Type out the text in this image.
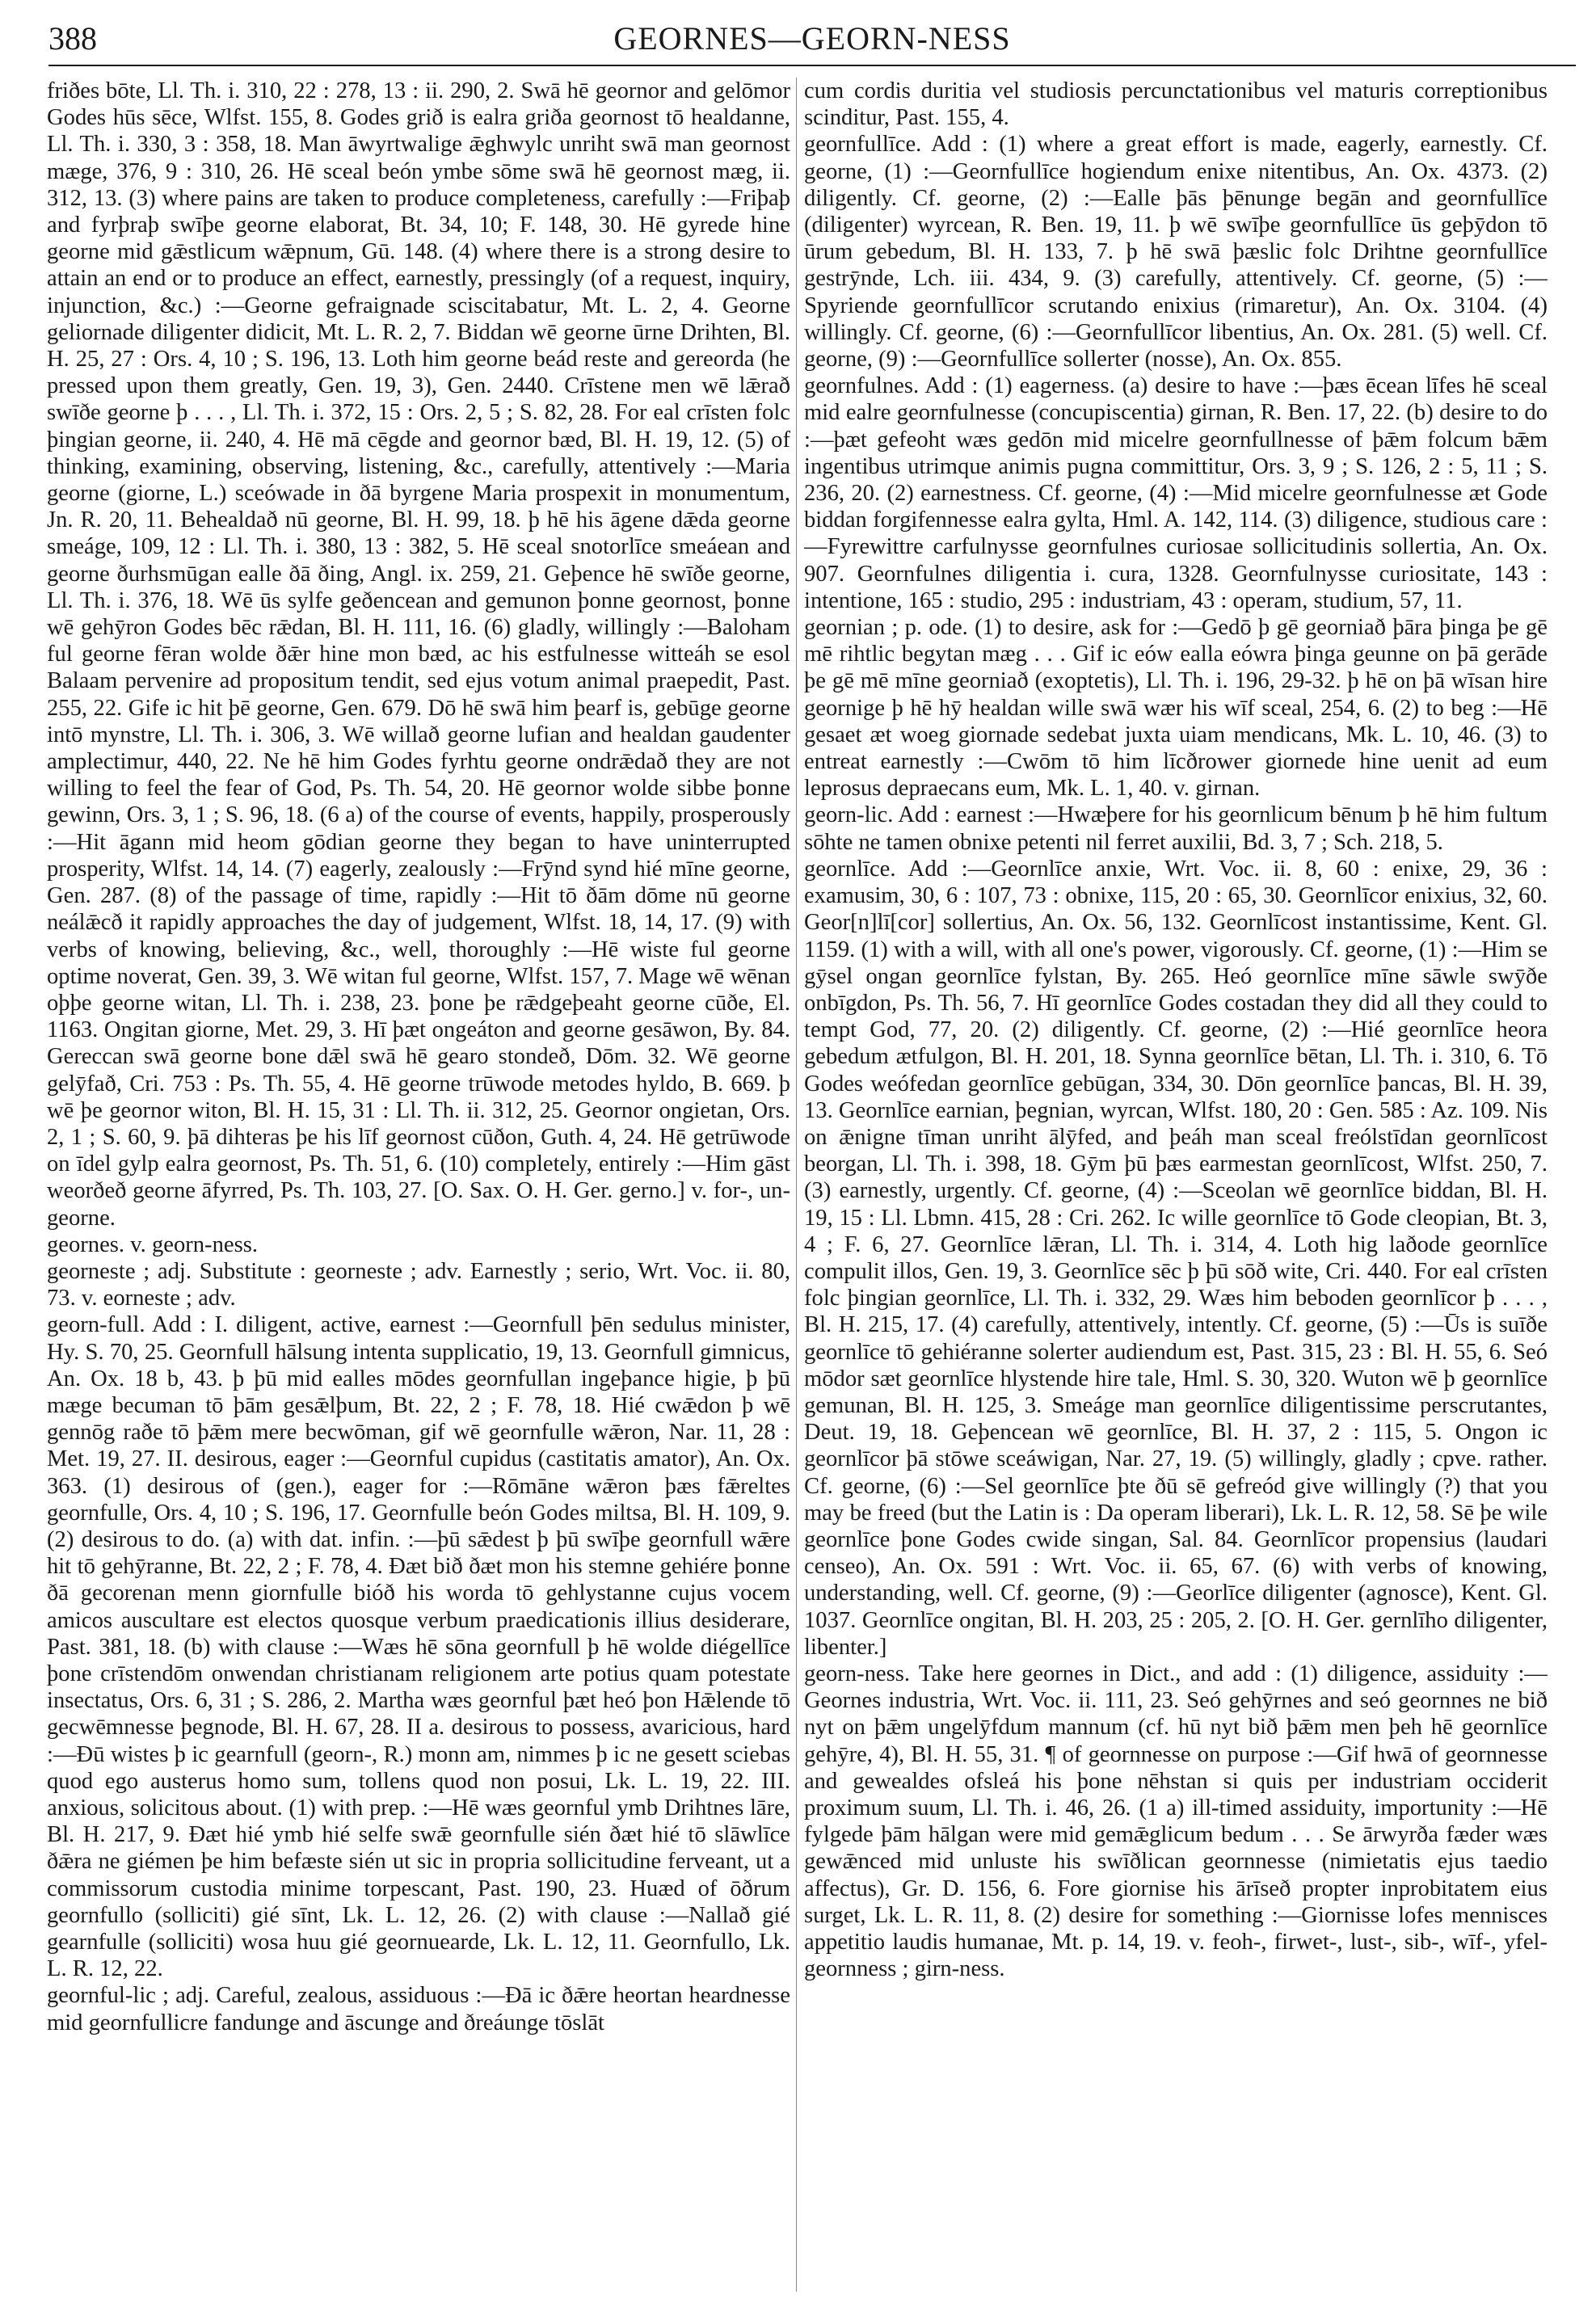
388	GEORNES—GEORN-NESS

friðes bōte, Ll. Th. i. 310, 22 : 278, 13 : ii. 290, 2. Swā hē geornor and gelōmor Godes hūs sēce, Wlfst. 155, 8. Godes grið is ealra griða geornost tō healdanne, Ll. Th. i. 330, 3 : 358, 18. Man āwyrtwalige ǣghwylc unriht swā man geornost mæge, 376, 9 : 310, 26. Hē sceal beón ymbe sōme swā hē geornost mæg, ii. 312, 13. (3) where pains are taken to produce completeness, carefully :—Friþaþ and fyrþraþ swīþe georne elaborat, Bt. 34, 10; F. 148, 30. Hē gyrede hine georne mid gǣstlicum wǣpnum, Gū. 148. (4) where there is a strong desire to attain an end or to produce an effect, earnestly, pressingly (of a request, inquiry, injunction, &c.) :—Georne gefraignade sciscitabatur, Mt. L. 2, 4. Georne geliornade diligenter didicit, Mt. L. R. 2, 7. Biddan wē georne ūrne Drihten, Bl. H. 25, 27 : Ors. 4, 10 ; S. 196, 13. Loth him georne beád reste and gereorda (he pressed upon them greatly, Gen. 19, 3), Gen. 2440. Crīstene men wē lǣrað swīðe georne þ . . . , Ll. Th. i. 372, 15 : Ors. 2, 5 ; S. 82, 28. For eal crīsten folc þingian georne, ii. 240, 4. Hē mā cēgde and geornor bæd, Bl. H. 19, 12. (5) of thinking, examining, observing, listening, &c., carefully, attentively :—Maria georne (giorne, L.) sceówade in ðā byrgene Maria prospexit in monumentum, Jn. R. 20, 11. Behealdað nū georne, Bl. H. 99, 18. þ hē his āgene dǣda georne smeáge, 109, 12 : Ll. Th. i. 380, 13 : 382, 5. Hē sceal snotorlīce smeáean and georne ðurhsmūgan ealle ðā ðing, Angl. ix. 259, 21. Geþence hē swīðe georne, Ll. Th. i. 376, 18. Wē ūs sylfe geðencean and gemunon þonne geornost, þonne wē gehȳron Godes bēc rǣdan, Bl. H. 111, 16. (6) gladly, willingly :—Baloham ful georne fēran wolde ðǣr hine mon bæd, ac his estfulnesse witteáh se esol Balaam pervenire ad propositum tendit, sed ejus votum animal praepedit, Past. 255, 22. Gife ic hit þē georne, Gen. 679. Dō hē swā him þearf is, gebūge georne intō mynstre, Ll. Th. i. 306, 3. Wē willað georne lufian and healdan gaudenter amplectimur, 440, 22. Ne hē him Godes fyrhtu georne ondrǣdað they are not willing to feel the fear of God, Ps. Th. 54, 20. Hē geornor wolde sibbe þonne gewinn, Ors. 3, 1 ; S. 96, 18. (6 a) of the course of events, happily, prosperously :—Hit āgann mid heom gōdian georne they began to have uninterrupted prosperity, Wlfst. 14, 14. (7) eagerly, zealously :—Frȳnd synd hié mīne georne, Gen. 287. (8) of the passage of time, rapidly :—Hit tō ðām dōme nū georne neálǣcð it rapidly approaches the day of judgement, Wlfst. 18, 14, 17. (9) with verbs of knowing, believing, &c., well, thoroughly :—Hē wiste ful georne optime noverat, Gen. 39, 3. Wē witan ful georne, Wlfst. 157, 7. Mage wē wēnan oþþe georne witan, Ll. Th. i. 238, 23. þone þe rǣdgeþeaht georne cūðe, El. 1163. Ongitan giorne, Met. 29, 3. Hī þæt ongeáton and georne gesāwon, By. 84. Gereccan swā georne bone dǣl swā hē gearo stondeð, Dōm. 32. Wē georne gelȳfað, Cri. 753 : Ps. Th. 55, 4. Hē georne trūwode metodes hyldo, B. 669. þ wē þe geornor witon, Bl. H. 15, 31 : Ll. Th. ii. 312, 25. Geornor ongietan, Ors. 2, 1 ; S. 60, 9. þā dihteras þe his līf geornost cūðon, Guth. 4, 24. Hē getrūwode on īdel gylp ealra geornost, Ps. Th. 51, 6. (10) completely, entirely :—Him gāst weorðeð georne āfyrred, Ps. Th. 103, 27. [O. Sax. O. H. Ger. gerno.] v. for-, un-georne.

geornes. v. georn-ness.

georneste ; adj. Substitute : georneste ; adv. Earnestly ; serio, Wrt. Voc. ii. 80, 73. v. eorneste ; adv.

georn-full. Add : I. diligent, active, earnest :—Geornfull þēn sedulus minister, Hy. S. 70, 25. Geornfull hālsung intenta supplicatio, 19, 13. Geornfull gimnicus, An. Ox. 18 b, 43. þ þū mid ealles mōdes geornfullan ingeþance higie, þ þū mæge becuman tō þām gesǣlþum, Bt. 22, 2 ; F. 78, 18. Hié cwǣdon þ wē gennōg raðe tō þǣm mere becwōman, gif wē geornfulle wǣron, Nar. 11, 28 : Met. 19, 27. II. desirous, eager :—Geornful cupidus (castitatis amator), An. Ox. 363. (1) desirous of (gen.), eager for :—Rōmāne wǣron þæs fǣreltes geornfulle, Ors. 4, 10 ; S. 196, 17. Geornfulle beón Godes miltsa, Bl. H. 109, 9. (2) desirous to do. (a) with dat. infin. :—þū sǣdest þ þū swīþe geornfull wǣre hit tō gehȳranne, Bt. 22, 2 ; F. 78, 4. Ðæt bið ðæt mon his stemne gehiére þonne ðā gecorenan menn giornfulle bióð his worda tō gehlystanne cujus vocem amicos auscultare est electos quosque verbum praedicationis illius desiderare, Past. 381, 18. (b) with clause :—Wæs hē sōna geornfull þ hē wolde diégellīce þone crīstendōm onwendan christianam religionem arte potius quam potestate insectatus, Ors. 6, 31 ; S. 286, 2. Martha wæs geornful þæt heó þon Hǣlende tō gecwēmnesse þegnode, Bl. H. 67, 28. II a. desirous to possess, avaricious, hard :—Ðū wistes þ ic gearnfull (georn-, R.) monn am, nimmes þ ic ne gesett sciebas quod ego austerus homo sum, tollens quod non posui, Lk. L. 19, 22. III. anxious, solicitous about. (1) with prep. :—Hē wæs geornful ymb Drihtnes lāre, Bl. H. 217, 9. Ðæt hié ymb hié selfe swǣ geornfulle sién ðæt hié tō slāwlīce ðǣra ne giémen þe him befæste sién ut sic in propria sollicitudine ferveant, ut a commissorum custodia minime torpescant, Past. 190, 23. Huæd of ōðrum geornfullo (solliciti) gié sīnt, Lk. L. 12, 26. (2) with clause :—Nallað gié gearnfulle (solliciti) wosa huu gié geornueardе, Lk. L. 12, 11. Geornfullo, Lk. L. R. 12, 22.

geornful-lic ; adj. Careful, zealous, assiduous :—Ðā ic ðǣre heortan heardnesse mid geornfullicre fandunge and āscunge and ðreáunge tōslāt

cum cordis duritia vel studiosis percunctationibus vel maturis correptionibus scinditur, Past. 155, 4.

geornfullīce. Add : (1) where a great effort is made, eagerly, earnestly. Cf. georne, (1) :—Geornfullīce hogiendum enixe nitentibus, An. Ox. 4373. (2) diligently. Cf. georne, (2) :—Ealle þās þēnunge begān and geornfullīce (diligenter) wyrcean, R. Ben. 19, 11. þ wē swīþe geornfullīce ūs geþȳdon tō ūrum gebedum, Bl. H. 133, 7. þ hē swā þæslic folc Drihtne geornfullīce gestrȳnde, Lch. iii. 434, 9. (3) carefully, attentively. Cf. georne, (5) :—Spyriende geornfullīcor scrutando enixius (rimaretur), An. Ox. 3104. (4) willingly. Cf. georne, (6) :—Geornfullīcor libentius, An. Ox. 281. (5) well. Cf. georne, (9) :—Geornfullīce sollerter (nosse), An. Ox. 855.

geornfulnes. Add : (1) eagerness. (a) desire to have :—þæs ēcean līfes hē sceal mid ealre geornfulnesse (concupiscentia) girnan, R. Ben. 17, 22. (b) desire to do :—þæt gefeoht wæs gedōn mid micelre geornfullnesse of þǣm folcum bǣm ingentibus utrimque animis pugna committitur, Ors. 3, 9 ; S. 126, 2 : 5, 11 ; S. 236, 20. (2) earnestness. Cf. georne, (4) :—Mid micelre geornfulnesse æt Gode biddan forgifennesse ealra gylta, Hml. A. 142, 114. (3) diligence, studious care :—Fyrewittre carfulnysse geornfulnes curiosae sollicitudinis sollertia, An. Ox. 907. Geornfulnes diligentia i. cura, 1328. Geornfulnysse curiositate, 143 : intentione, 165 : studio, 295 : industriam, 43 : operam, studium, 57, 11.

geornian ; p. ode. (1) to desire, ask for :—Gedō þ gē georniað þāra þinga þe gē mē rihtlic begytan mæg . . . Gif ic eów ealla eówra þinga geunne on þā gerāde þe gē mē mīne georniað (exoptetis), Ll. Th. i. 196, 29-32. þ hē on þā wīsan hire geornige þ hē hȳ healdan wille swā wær his wīf sceal, 254, 6. (2) to beg :—Hē gesaet æt woeg giornade sedebat juxta uiam mendicans, Mk. L. 10, 46. (3) to entreat earnestly :—Cwōm tō him līcðrower giornede hine uenit ad eum leprosus depraecans eum, Mk. L. 1, 40. v. girnan.

georn-lic. Add : earnest :—Hwæþere for his geornlicum bēnum þ hē him fultum sōhte ne tamen obnixe petenti nil ferret auxilii, Bd. 3, 7 ; Sch. 218, 5.

geornlīce. Add :—Geornlīce anxie, Wrt. Voc. ii. 8, 60 : enixe, 29, 36 : examusim, 30, 6 : 107, 73 : obnixe, 115, 20 : 65, 30. Geornlīcor enixius, 32, 60. Geor[n]lī[cor] sollertius, An. Ox. 56, 132. Geornlīcost instantissime, Kent. Gl. 1159. (1) with a will, with all one's power, vigorously. Cf. georne, (1) :—Him se gȳsel ongan geornlīce fylstan, By. 265. Heó geornlīce mīne sāwle swȳðe onbīgdon, Ps. Th. 56, 7. Hī geornlīce Godes costadan they did all they could to tempt God, 77, 20. (2) diligently. Cf. georne, (2) :—Hié geornlīce heora gebedum ætfulgon, Bl. H. 201, 18. Synna geornlīce bētan, Ll. Th. i. 310, 6. Tō Godes weófedan geornlīce gebūgan, 334, 30. Dōn geornlīce þancas, Bl. H. 39, 13. Geornlīce earnian, þegnian, wyrcan, Wlfst. 180, 20 : Gen. 585 : Az. 109. Nis on ǣnigne tīman unriht ālȳfed, and þeáh man sceal freólstīdan geornlīcost beorgan, Ll. Th. i. 398, 18. Gȳm þū þæs earmestan geornlīcost, Wlfst. 250, 7. (3) earnestly, urgently. Cf. georne, (4) :—Sceolan wē geornlīce biddan, Bl. H. 19, 15 : Ll. Lbmn. 415, 28 : Cri. 262. Ic wille geornlīce tō Gode cleopian, Bt. 3, 4 ; F. 6, 27. Geornlīce lǣran, Ll. Th. i. 314, 4. Loth hig laðode geornlīce compulit illos, Gen. 19, 3. Geornlīce sēc þ þū sōð wite, Cri. 440. For eal crīsten folc þingian geornlīce, Ll. Th. i. 332, 29. Wæs him beboden geornlīcor þ . . . , Bl. H. 215, 17. (4) carefully, attentively, intently. Cf. georne, (5) :—Ūs is suīðe geornlīce tō gehiéranne solerter audiendum est, Past. 315, 23 : Bl. H. 55, 6. Seó mōdor sæt geornlīce hlystende hire tale, Hml. S. 30, 320. Wuton wē þ geornlīce gemunan, Bl. H. 125, 3. Smeáge man geornlīce diligentissime perscrutantes, Deut. 19, 18. Geþencean wē geornlīce, Bl. H. 37, 2 : 115, 5. Ongon ic geornlīcor þā stōwe sceáwigan, Nar. 27, 19. (5) willingly, gladly ; cpve. rather. Cf. georne, (6) :—Sel geornlīce þte ðū sē gefreód give willingly (?) that you may be freed (but the Latin is : Da operam liberari), Lk. L. R. 12, 58. Sē þe wile geornlīce þone Godes cwide singan, Sal. 84. Geornlīcor propensius (laudari censeo), An. Ox. 591 : Wrt. Voc. ii. 65, 67. (6) with verbs of knowing, understanding, well. Cf. georne, (9) :—Georlīce diligenter (agnosce), Kent. Gl. 1037. Geornlīce ongitan, Bl. H. 203, 25 : 205, 2. [O. H. Ger. gernlīho diligenter, libenter.]

georn-ness. Take here geornes in Dict., and add : (1) diligence, assiduity :—Geornes industria, Wrt. Voc. ii. 111, 23. Seó gehȳrnes and seó geornnes ne bið nyt on þǣm ungelȳfdum mannum (cf. hū nyt bið þǣm men þeh hē geornlīce gehȳre, 4), Bl. H. 55, 31. ¶ of geornnesse on purpose :—Gif hwā of geornnesse and gewealdes ofsleá his þone nēhstan si quis per industriam occiderit proximum suum, Ll. Th. i. 46, 26. (1 a) ill-timed assiduity, importunity :—Hē fylgede þām hālgan were mid gemǣglicum bedum . . . Se ārwyrða fæder wæs gewǣnced mid unluste his swīðlican geornnesse (nimietatis ejus taedio affectus), Gr. D. 156, 6. Fore giornise his ārīseð propter inprobitatem eius surget, Lk. L. R. 11, 8. (2) desire for something :—Giornisse lofes mennisces appetitio laudis humanae, Mt. p. 14, 19. v. feoh-, firwet-, lust-, sib-, wīf-, yfel-geornness ; girn-ness.
